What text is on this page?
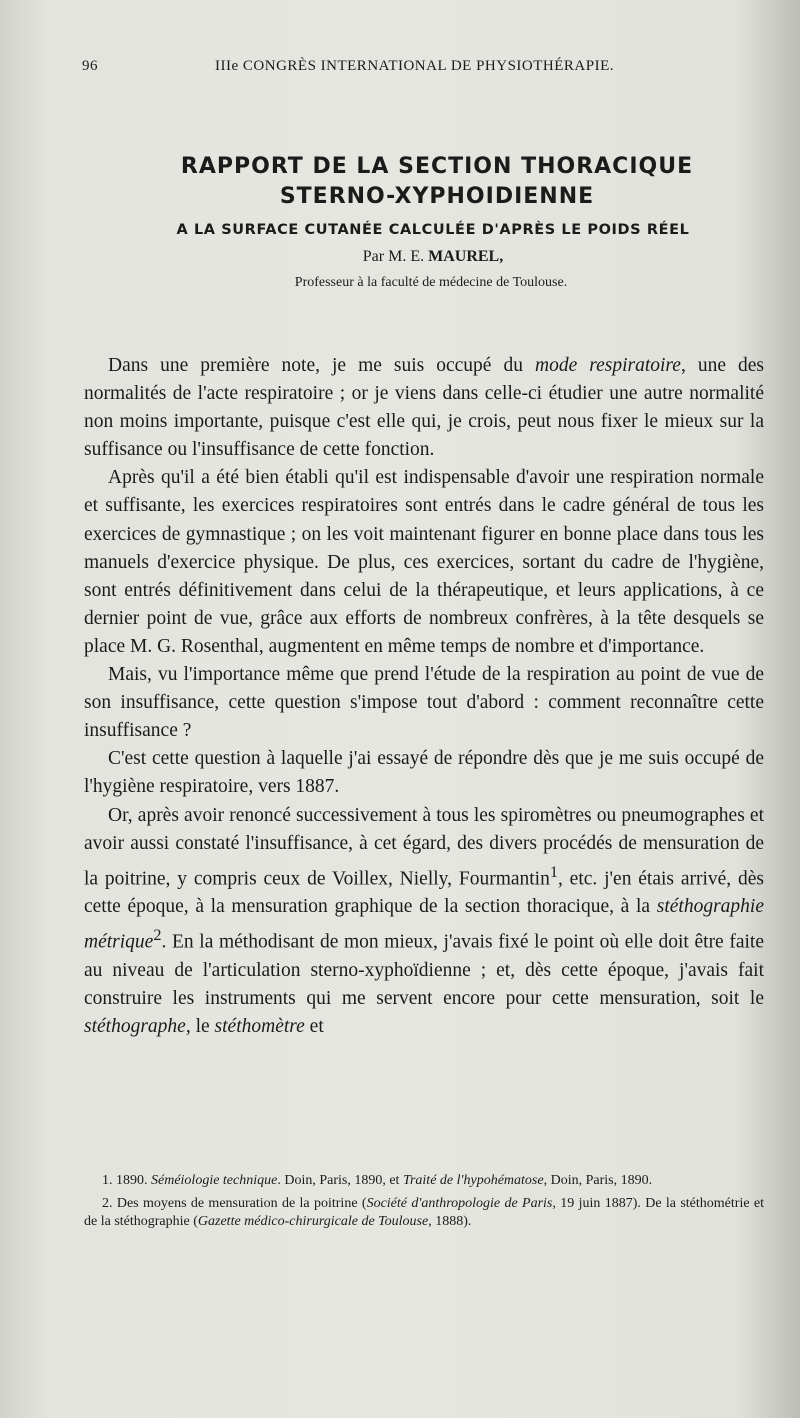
96	IIIe CONGRÈS INTERNATIONAL DE PHYSIOTHÉRAPIE.
RAPPORT DE LA SECTION THORACIQUE
STERNO-XYPHOIDIENNE
A LA SURFACE CUTANÉE CALCULÉE D'APRÈS LE POIDS RÉEL
Par M. E. MAUREL,
Professeur à la faculté de médecine de Toulouse.

Dans une première note, je me suis occupé du mode respiratoire, une des normalités de l'acte respiratoire ; or je viens dans celle-ci étudier une autre normalité non moins importante, puisque c'est elle qui, je crois, peut nous fixer le mieux sur la suffisance ou l'insuffisance de cette fonction.

Après qu'il a été bien établi qu'il est indispensable d'avoir une respiration normale et suffisante, les exercices respiratoires sont entrés dans le cadre général de tous les exercices de gymnastique ; on les voit maintenant figurer en bonne place dans tous les manuels d'exercice physique. De plus, ces exercices, sortant du cadre de l'hygiène, sont entrés définitivement dans celui de la thérapeutique, et leurs applications, à ce dernier point de vue, grâce aux efforts de nombreux confrères, à la tête desquels se place M. G. Rosenthal, augmentent en même temps de nombre et d'importance.

Mais, vu l'importance même que prend l'étude de la respiration au point de vue de son insuffisance, cette question s'impose tout d'abord : comment reconnaître cette insuffisance ?

C'est cette question à laquelle j'ai essayé de répondre dès que je me suis occupé de l'hygiène respiratoire, vers 1887.

Or, après avoir renoncé successivement à tous les spiromètres ou pneumographes et avoir aussi constaté l'insuffisance, à cet égard, des divers procédés de mensuration de la poitrine, y compris ceux de Voillex, Nielly, Fourmantin$^1$, etc. j'en étais arrivé, dès cette époque, à la mensuration graphique de la section thoracique, à la stéthographie métrique$^2$. En la méthodisant de mon mieux, j'avais fixé le point où elle doit être faite au niveau de l'articulation sterno-xyphoïdienne ; et, dès cette époque, j'avais fait construire les instruments qui me servent encore pour cette mensuration, soit le stéthographe, le stéthomètre et

1. 1890. Séméiologie technique. Doin, Paris, 1890, et Traité de l'hypohématose, Doin, Paris, 1890.

2. Des moyens de mensuration de la poitrine (Société d'anthropologie de Paris, 19 juin 1887). De la stéthométrie et de la stéthographie (Gazette médico-chirurgicale de Toulouse, 1888).
